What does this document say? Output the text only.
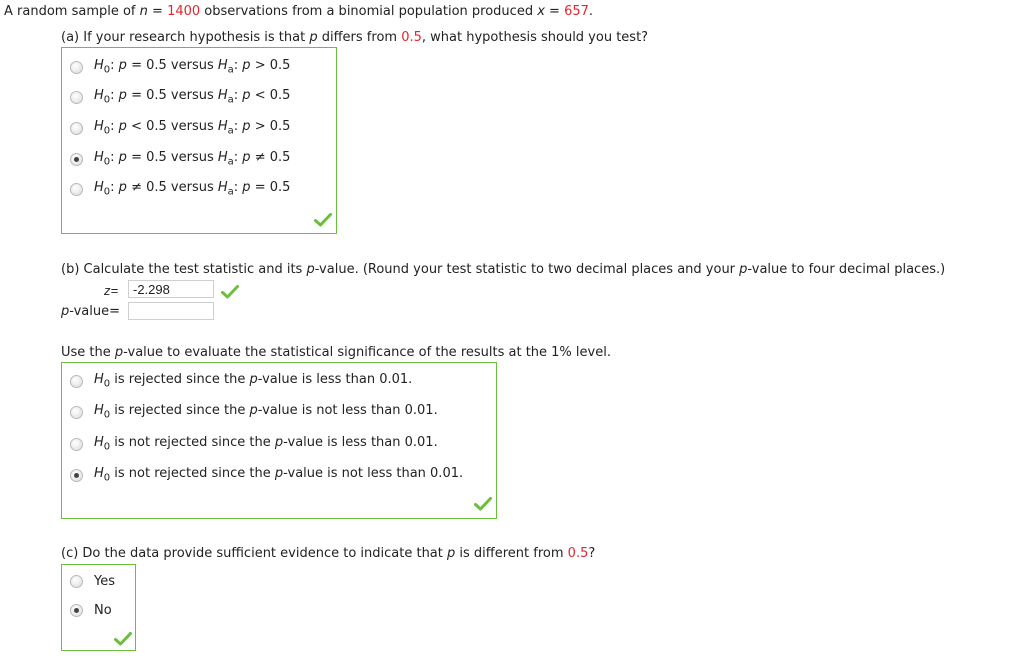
A random sample of n = 1400 observations from a binomial population produced x = 657.
(a) If your research hypothesis is that p differs from 0.5, what hypothesis should you test?
$H_0$: p = 0.5 versus $H_a$: p > 0.5
$H_0$: p = 0.5 versus $H_a$: p < 0.5
$H_0$: p < 0.5 versus $H_a$: p > 0.5
$H_0$: p = 0.5 versus $H_a$: p ≠ 0.5
$H_0$: p ≠ 0.5 versus $H_a$: p = 0.5
(b) Calculate the test statistic and its p-value. (Round your test statistic to two decimal places and your p-value to four decimal places.)
z=	-2.298
p-value=
Use the p-value to evaluate the statistical significance of the results at the 1% level.
$H_0$ is rejected since the p-value is less than 0.01.
$H_0$ is rejected since the p-value is not less than 0.01.
$H_0$ is not rejected since the p-value is less than 0.01.
$H_0$ is not rejected since the p-value is not less than 0.01.
(c) Do the data provide sufficient evidence to indicate that p is different from 0.5?
Yes
No
